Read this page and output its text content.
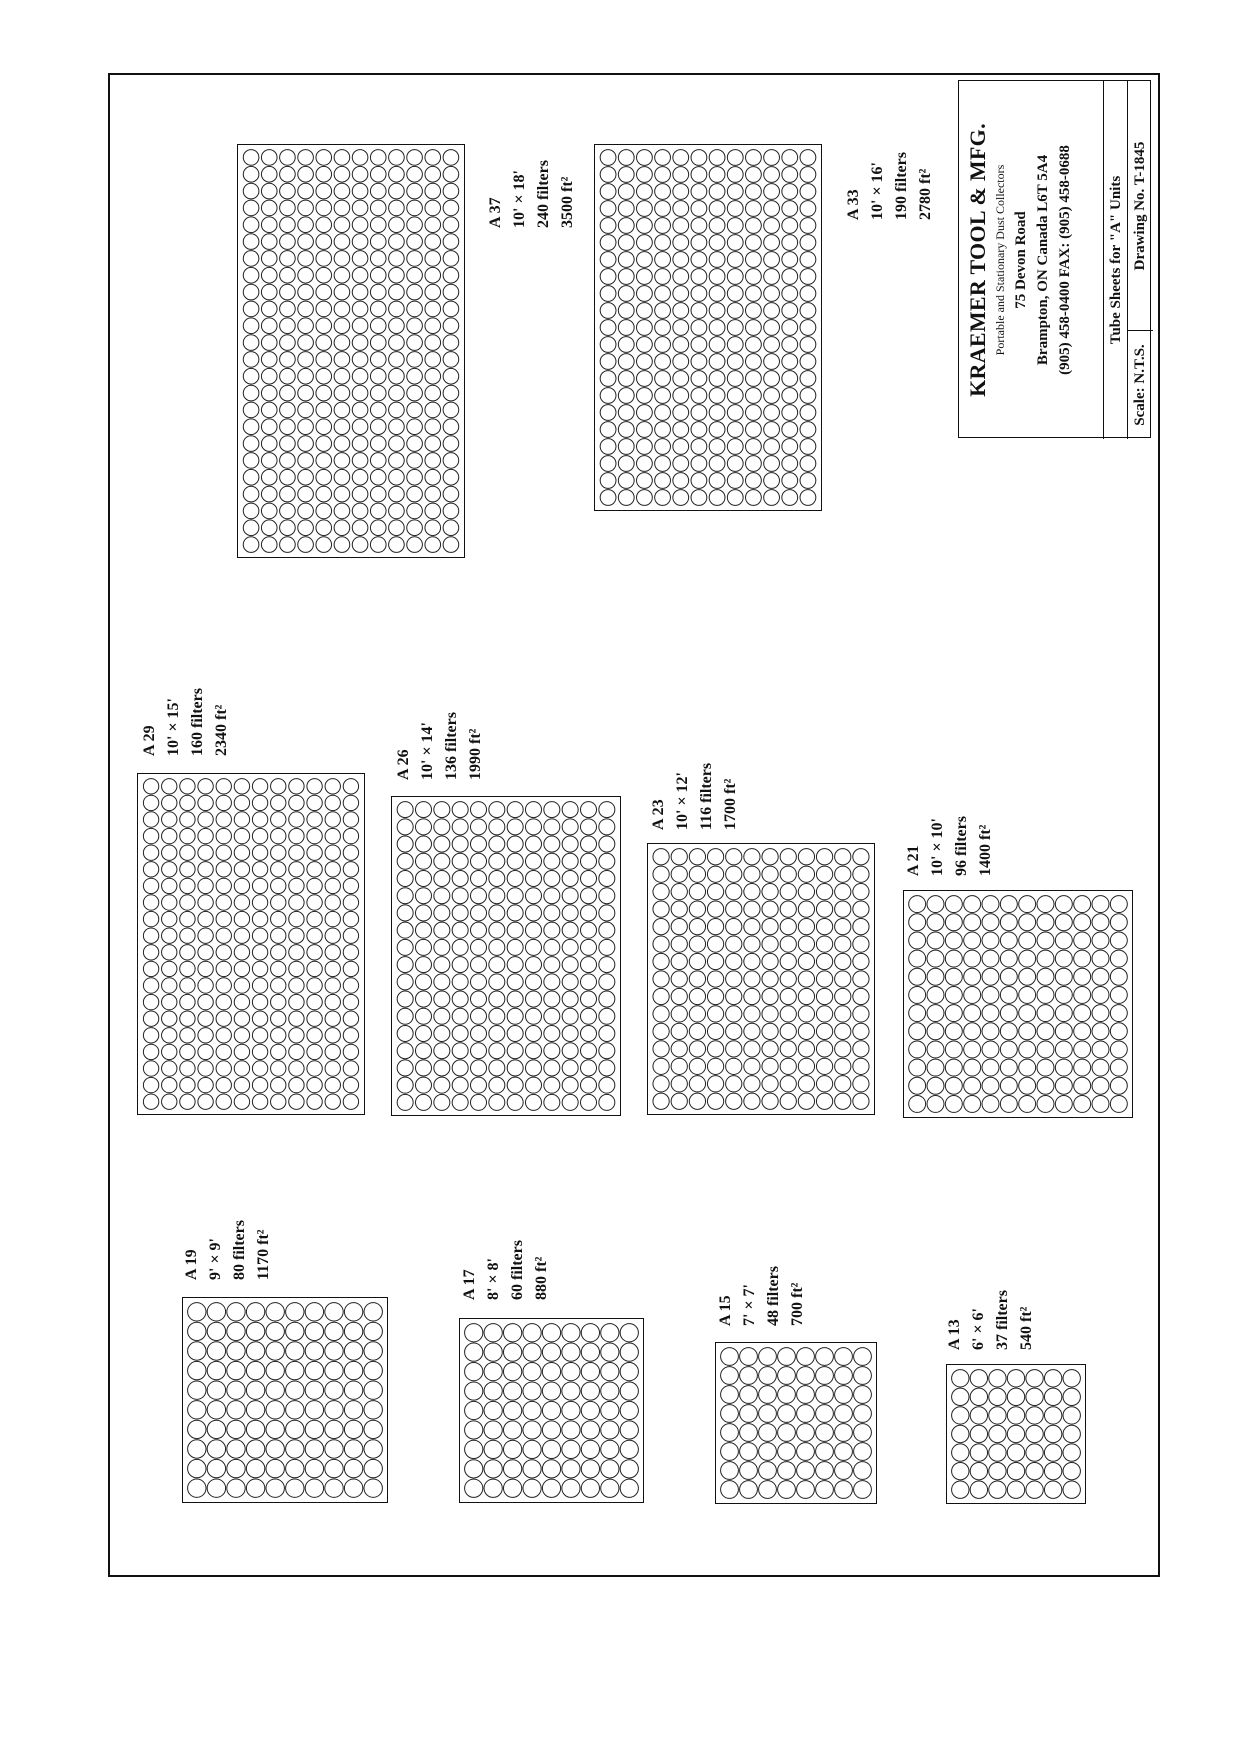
A 37 10' × 18' 240 filters 3500 ft²	A 33 10' × 16' 190 filters 2780 ft²
A 29 10' × 15' 160 filters 2340 ft²
A 26 10' × 14' 136 filters 1990 ft²
A 23 10' × 12' 116 filters 1700 ft²
A 21 10' × 10' 96 filters 1400 ft²
A 19 9' × 9' 80 filters 1170 ft²
A 17 8' × 8' 60 filters 880 ft²
A 15 7' × 7' 48 filters 700 ft²
A 13 6' × 6' 37 filters 540 ft²
KRAEMER TOOL & MFG. Portable and Stationary Dust Collectors 75 Devon Road Brampton, ON Canada L6T 5A4 (905) 458-0400 FAX: (905) 458-0688	Tube Sheets for "A" Units
Scale: N.T.S.
Drawing No. T-1845
